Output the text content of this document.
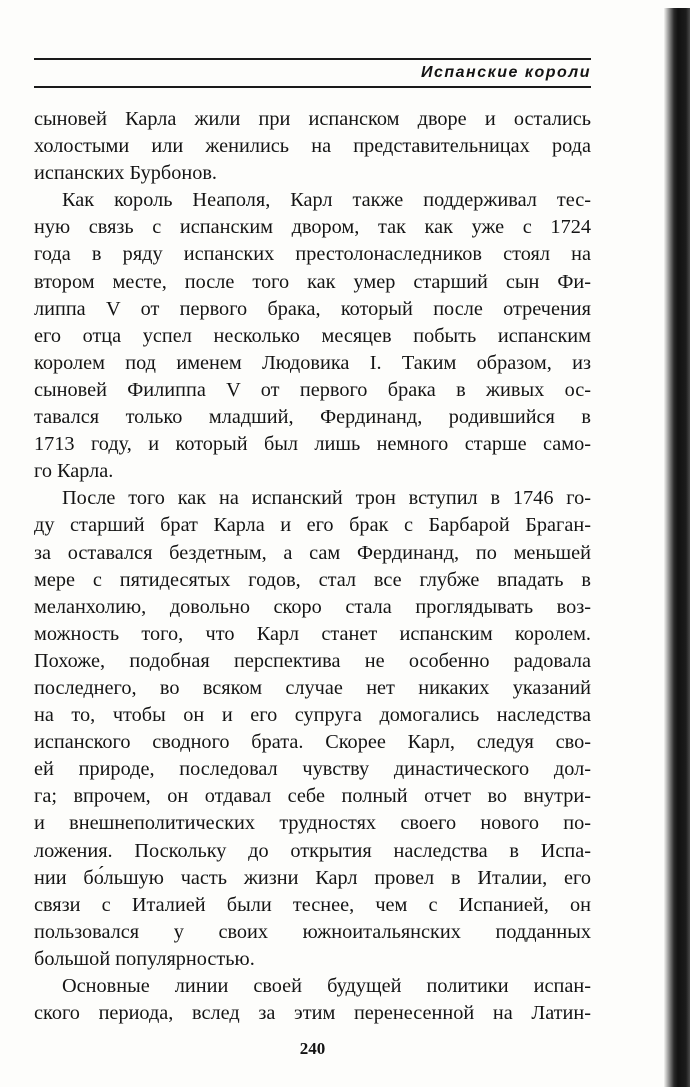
Испанские короли
сыновей Карла жили при испанском дворе и остались
холостыми или женились на представительницах рода
испанских Бурбонов.
Как король Неаполя, Карл также поддерживал тес-
ную связь с испанским двором, так как уже с 1724
года в ряду испанских престолонаследников стоял на
втором месте, после того как умер старший сын Фи-
липпа V от первого брака, который после отречения
его отца успел несколько месяцев побыть испанским
королем под именем Людовика I. Таким образом, из
сыновей Филиппа V от первого брака в живых ос-
тавался только младший, Фердинанд, родившийся в
1713 году, и который был лишь немного старше само-
го Карла.
После того как на испанский трон вступил в 1746 го-
ду старший брат Карла и его брак с Барбарой Браган-
за оставался бездетным, а сам Фердинанд, по меньшей
мере с пятидесятых годов, стал все глубже впадать в
меланхолию, довольно скоро стала проглядывать воз-
можность того, что Карл станет испанским королем.
Похоже, подобная перспектива не особенно радовала
последнего, во всяком случае нет никаких указаний
на то, чтобы он и его супруга домогались наследства
испанского сводного брата. Скорее Карл, следуя сво-
ей природе, последовал чувству династического дол-
га; впрочем, он отдавал себе полный отчет во внутри-
и внешнеполитических трудностях своего нового по-
ложения. Поскольку до открытия наследства в Испа-
нии бо́льшую часть жизни Карл провел в Италии, его
связи с Италией были теснее, чем с Испанией, он
пользовался у своих южноитальянских подданных
большой популярностью.
Основные линии своей будущей политики испан-
ского периода, вслед за этим перенесенной на Латин-
240
